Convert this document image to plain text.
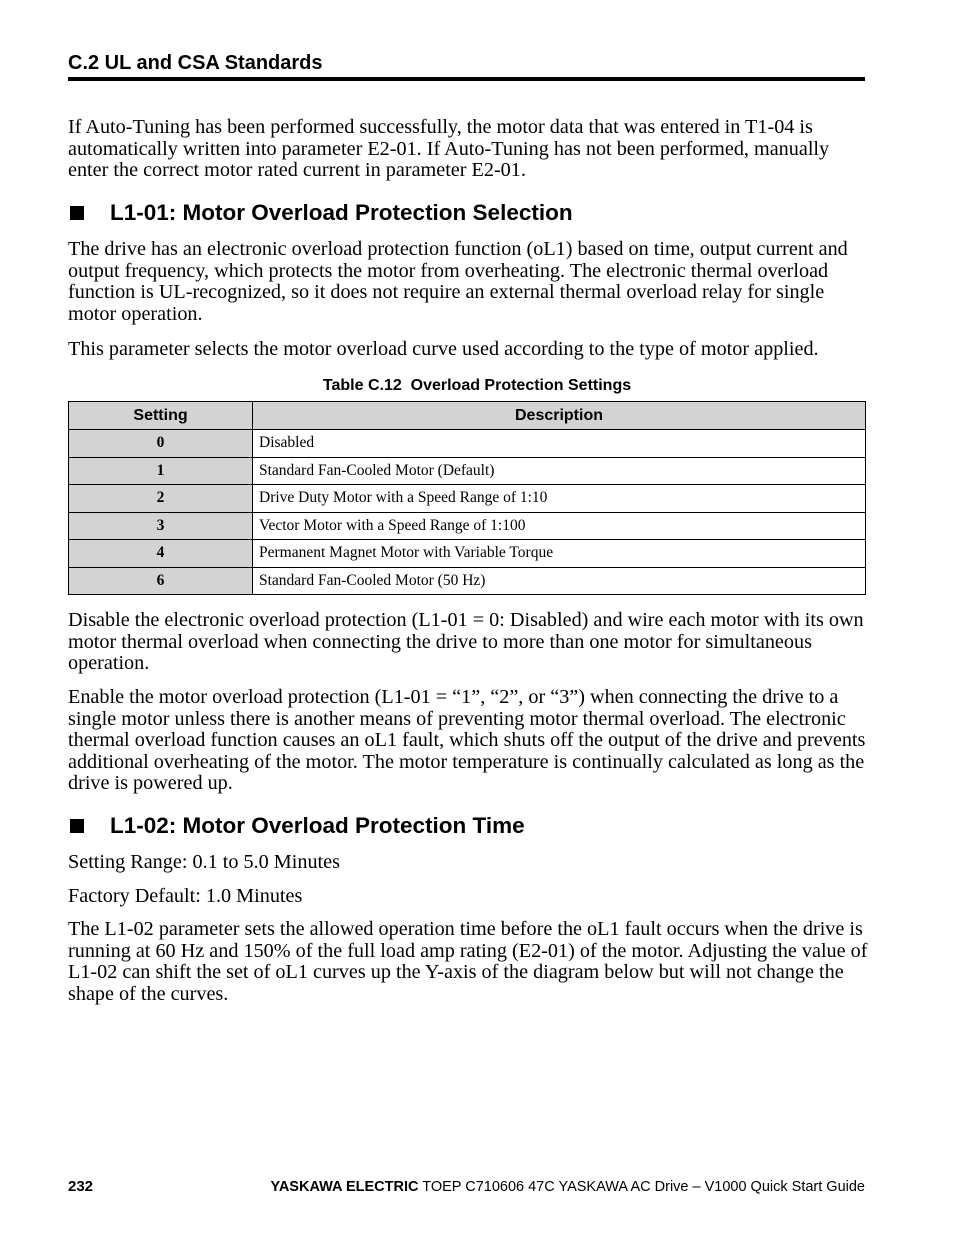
C.2 UL and CSA Standards

If Auto-Tuning has been performed successfully, the motor data that was entered in T1-04 is automatically written into parameter E2-01. If Auto-Tuning has not been performed, manually enter the correct motor rated current in parameter E2-01.

L1-01: Motor Overload Protection Selection

The drive has an electronic overload protection function (oL1) based on time, output current and output frequency, which protects the motor from overheating. The electronic thermal overload function is UL-recognized, so it does not require an external thermal overload relay for single motor operation.

This parameter selects the motor overload curve used according to the type of motor applied.

Table C.12  Overload Protection Settings
Setting	Description
0	Disabled
1	Standard Fan-Cooled Motor (Default)
2	Drive Duty Motor with a Speed Range of 1:10
3	Vector Motor with a Speed Range of 1:100
4	Permanent Magnet Motor with Variable Torque
6	Standard Fan-Cooled Motor (50 Hz)

Disable the electronic overload protection (L1-01 = 0: Disabled) and wire each motor with its own motor thermal overload when connecting the drive to more than one motor for simultaneous operation.

Enable the motor overload protection (L1-01 = “1”, “2”, or “3”) when connecting the drive to a single motor unless there is another means of preventing motor thermal overload. The electronic thermal overload function causes an oL1 fault, which shuts off the output of the drive and prevents additional overheating of the motor. The motor temperature is continually calculated as long as the drive is powered up.

L1-02: Motor Overload Protection Time

Setting Range: 0.1 to 5.0 Minutes

Factory Default: 1.0 Minutes

The L1-02 parameter sets the allowed operation time before the oL1 fault occurs when the drive is running at 60 Hz and 150% of the full load amp rating (E2-01) of the motor. Adjusting the value of L1-02 can shift the set of oL1 curves up the Y-axis of the diagram below but will not change the shape of the curves.

232	YASKAWA ELECTRIC TOEP C710606 47C YASKAWA AC Drive – V1000 Quick Start Guide
